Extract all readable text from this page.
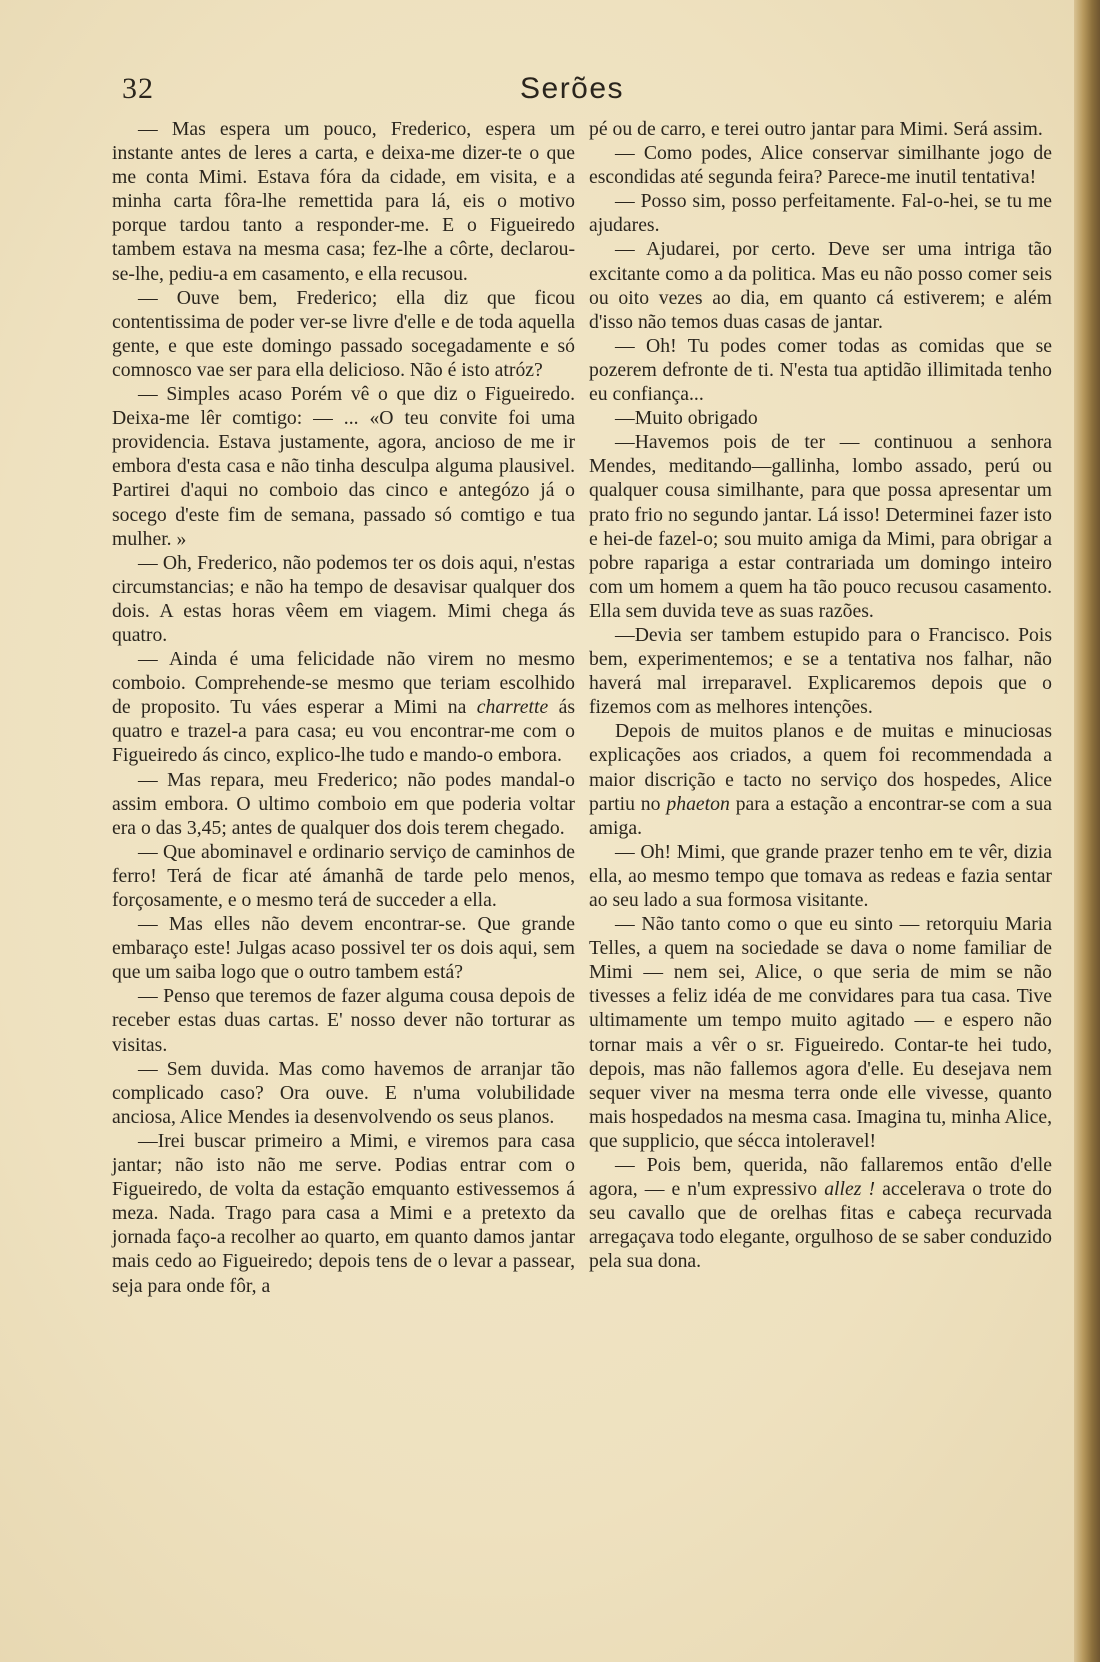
32	Serões

— Mas espera um pouco, Frederico, espera um instante antes de leres a carta, e deixa-me dizer-te o que me conta Mimi. Estava fóra da cidade, em visita, e a minha carta fôra-lhe remettida para lá, eis o motivo porque tardou tanto a responder-me. E o Figueiredo tambem estava na mesma casa; fez-lhe a côrte, declarou-se-lhe, pediu-a em casamento, e ella recusou.

— Ouve bem, Frederico; ella diz que ficou contentissima de poder ver-se livre d'elle e de toda aquella gente, e que este domingo passado socegadamente e só comnosco vae ser para ella delicioso. Não é isto atróz?

— Simples acaso Porém vê o que diz o Figueiredo. Deixa-me lêr comtigo: — ... «O teu convite foi uma providencia. Estava justamente, agora, ancioso de me ir embora d'esta casa e não tinha desculpa alguma plausivel. Partirei d'aqui no comboio das cinco e antegózo já o socego d'este fim de semana, passado só comtigo e tua mulher. »

— Oh, Frederico, não podemos ter os dois aqui, n'estas circumstancias; e não ha tempo de desavisar qualquer dos dois. A estas horas vêem em viagem. Mimi chega ás quatro.

— Ainda é uma felicidade não virem no mesmo comboio. Comprehende-se mesmo que teriam escolhido de proposito. Tu váes esperar a Mimi na charrette ás quatro e trazel-a para casa; eu vou encontrar-me com o Figueiredo ás cinco, explico-lhe tudo e mando-o embora.

— Mas repara, meu Frederico; não podes mandal-o assim embora. O ultimo comboio em que poderia voltar era o das 3,45; antes de qualquer dos dois terem chegado.

— Que abominavel e ordinario serviço de caminhos de ferro! Terá de ficar até ámanhã de tarde pelo menos, forçosamente, e o mesmo terá de succeder a ella.

— Mas elles não devem encontrar-se. Que grande embaraço este! Julgas acaso possivel ter os dois aqui, sem que um saiba logo que o outro tambem está?

— Penso que teremos de fazer alguma cousa depois de receber estas duas cartas. E' nosso dever não torturar as visitas.

— Sem duvida. Mas como havemos de arranjar tão complicado caso? Ora ouve. E n'uma volubilidade anciosa, Alice Mendes ia desenvolvendo os seus planos.

—Irei buscar primeiro a Mimi, e viremos para casa jantar; não isto não me serve. Podias entrar com o Figueiredo, de volta da estação emquanto estivessemos á meza. Nada. Trago para casa a Mimi e a pretexto da jornada faço-a recolher ao quarto, em quanto damos jantar mais cedo ao Figueiredo; depois tens de o levar a passear, seja para onde fôr, a

pé ou de carro, e terei outro jantar para Mimi. Será assim.

— Como podes, Alice conservar similhante jogo de escondidas até segunda feira? Parece-me inutil tentativa!

— Posso sim, posso perfeitamente. Fal-o-hei, se tu me ajudares.

— Ajudarei, por certo. Deve ser uma intriga tão excitante como a da politica. Mas eu não posso comer seis ou oito vezes ao dia, em quanto cá estiverem; e além d'isso não temos duas casas de jantar.

— Oh! Tu podes comer todas as comidas que se pozerem defronte de ti. N'esta tua aptidão illimitada tenho eu confiança...

—Muito obrigado

—Havemos pois de ter — continuou a senhora Mendes, meditando—gallinha, lombo assado, perú ou qualquer cousa similhante, para que possa apresentar um prato frio no segundo jantar. Lá isso! Determinei fazer isto e hei-de fazel-o; sou muito amiga da Mimi, para obrigar a pobre rapariga a estar contrariada um domingo inteiro com um homem a quem ha tão pouco recusou casamento. Ella sem duvida teve as suas razões.

—Devia ser tambem estupido para o Francisco. Pois bem, experimentemos; e se a tentativa nos falhar, não haverá mal irreparavel. Explicaremos depois que o fizemos com as melhores intenções.

Depois de muitos planos e de muitas e minuciosas explicações aos criados, a quem foi recommendada a maior discrição e tacto no serviço dos hospedes, Alice partiu no phaeton para a estação a encontrar-se com a sua amiga.

— Oh! Mimi, que grande prazer tenho em te vêr, dizia ella, ao mesmo tempo que tomava as redeas e fazia sentar ao seu lado a sua formosa visitante.

— Não tanto como o que eu sinto — retorquiu Maria Telles, a quem na sociedade se dava o nome familiar de Mimi — nem sei, Alice, o que seria de mim se não tivesses a feliz idéa de me convidares para tua casa. Tive ultimamente um tempo muito agitado — e espero não tornar mais a vêr o sr. Figueiredo. Contar-te hei tudo, depois, mas não fallemos agora d'elle. Eu desejava nem sequer viver na mesma terra onde elle vivesse, quanto mais hospedados na mesma casa. Imagina tu, minha Alice, que supplicio, que sécca intoleravel!

— Pois bem, querida, não fallaremos então d'elle agora, — e n'um expressivo allez ! accelerava o trote do seu cavallo que de orelhas fitas e cabeça recurvada arregaçava todo elegante, orgulhoso de se saber conduzido pela sua dona.
